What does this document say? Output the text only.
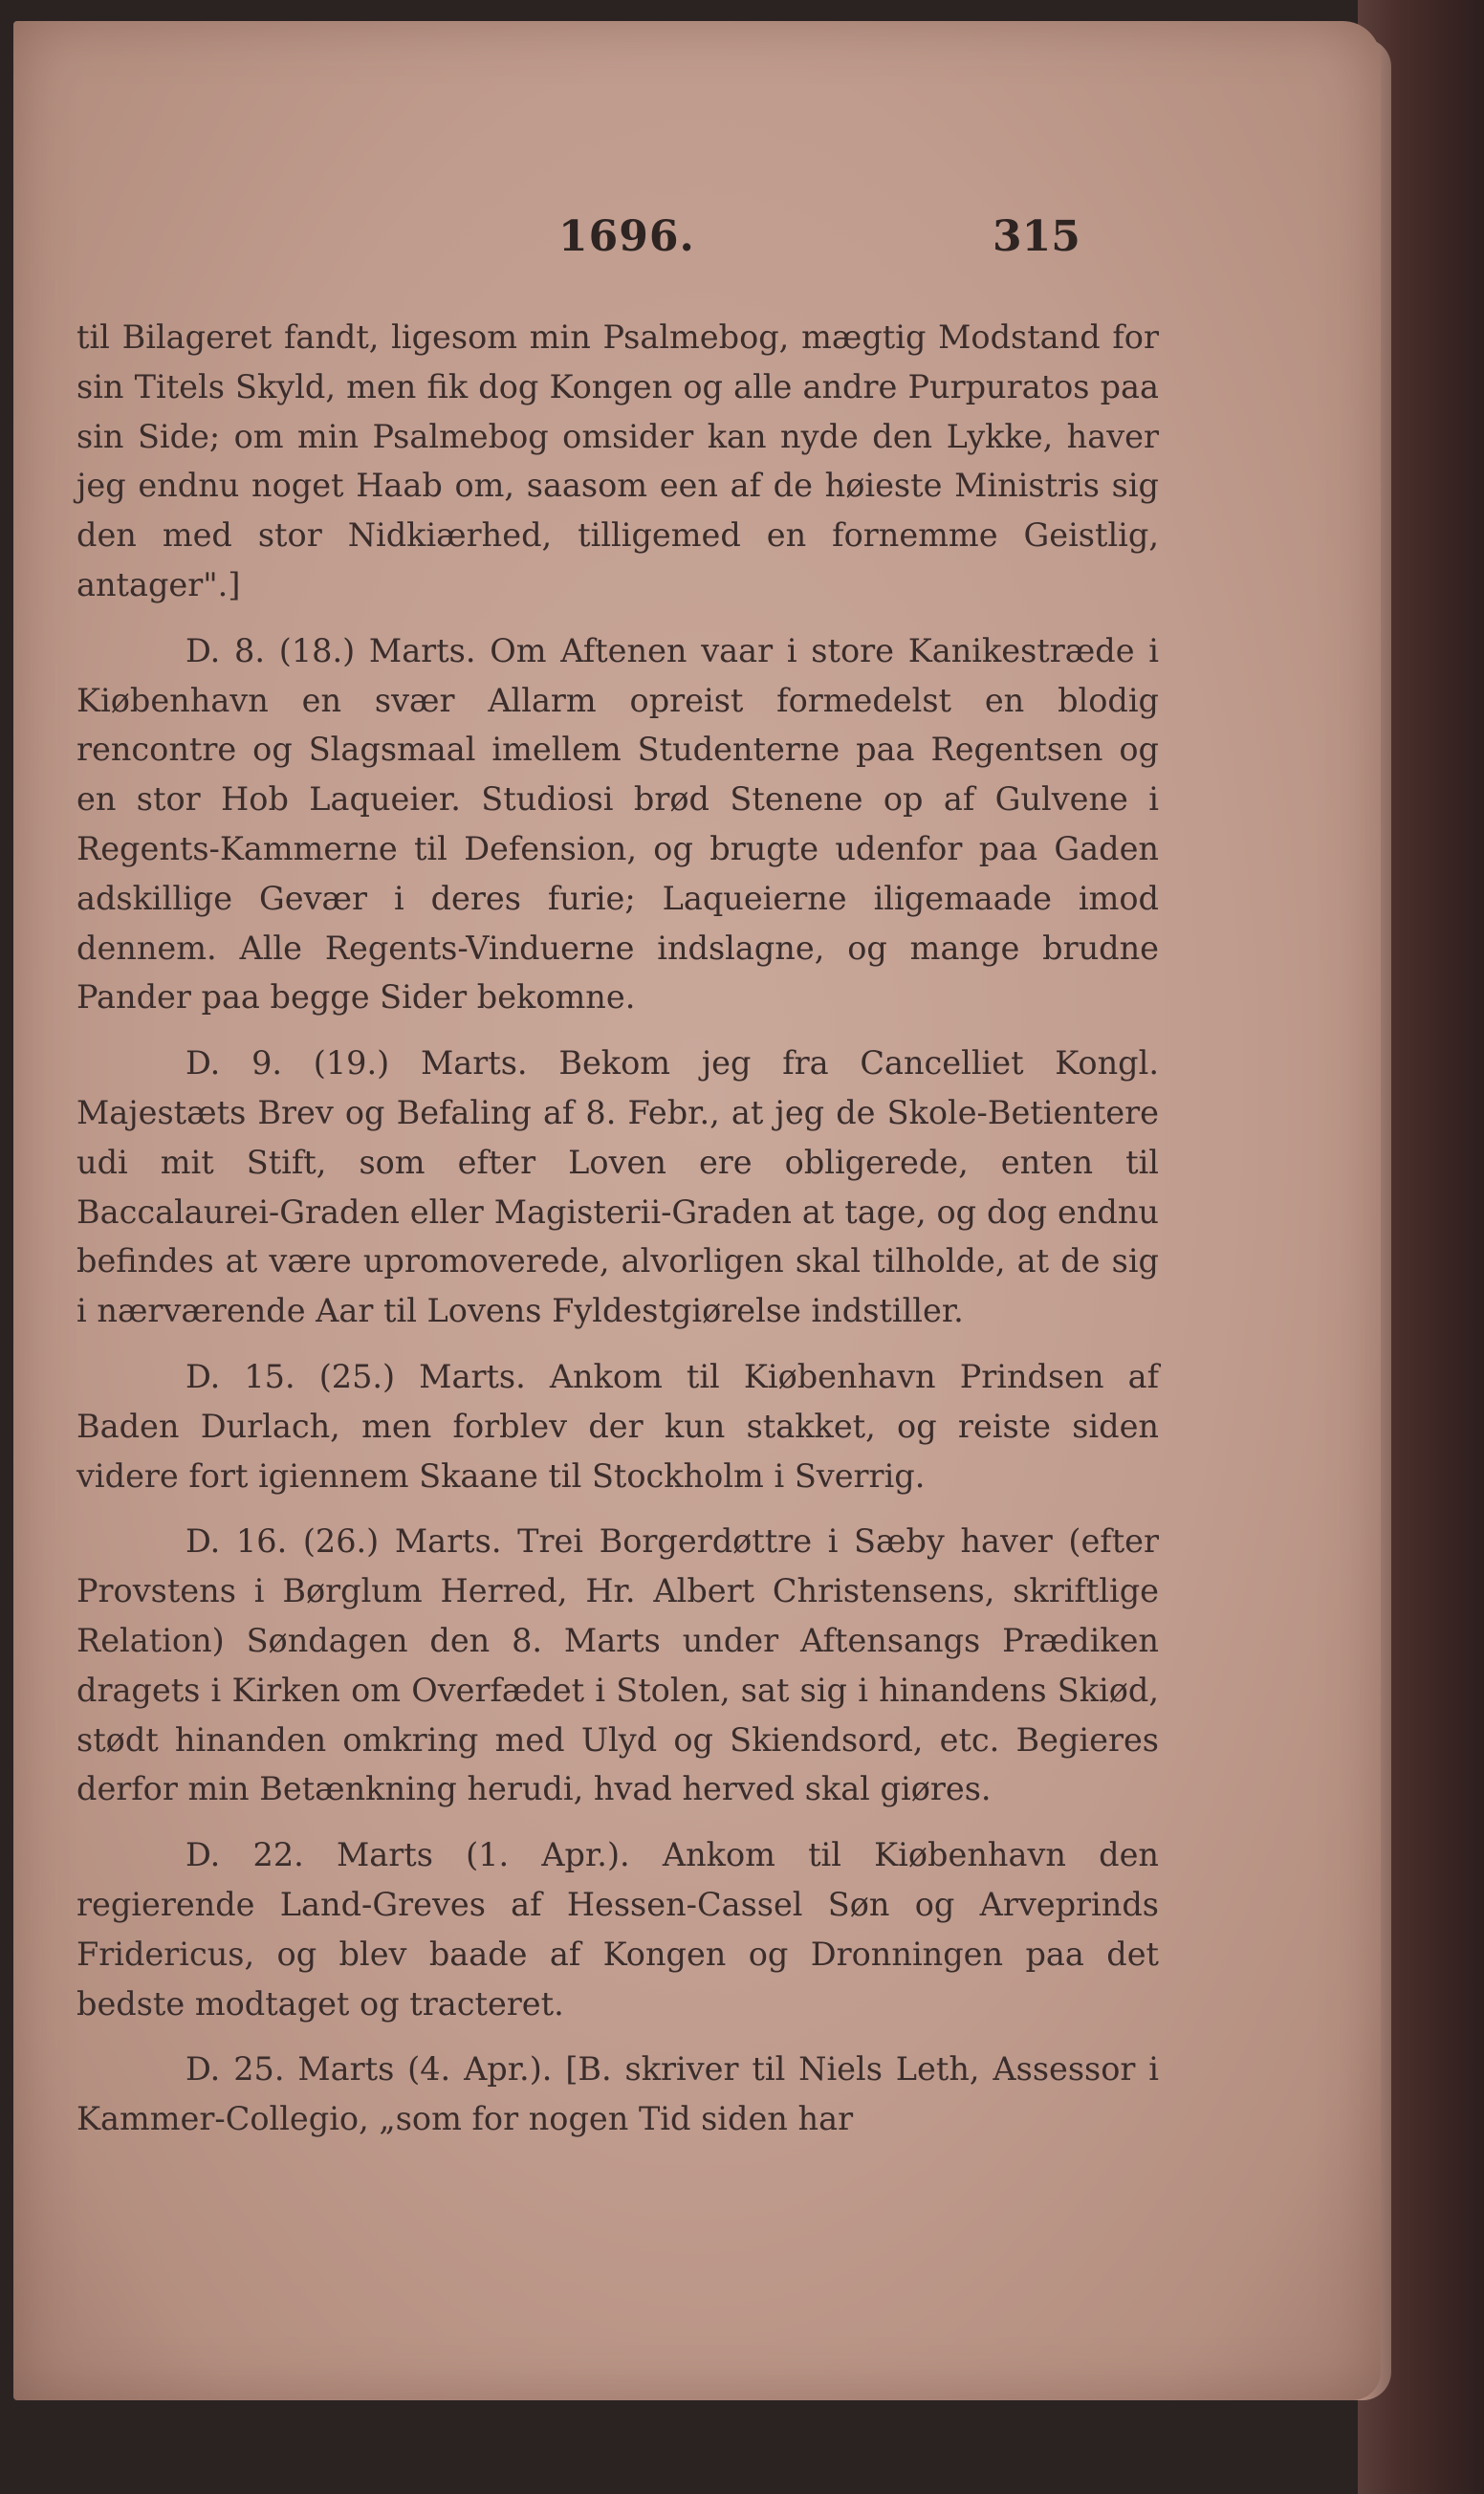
1696.	315

til Bilageret fandt, ligesom min Psalmebog, mægtig Modstand for sin Titels Skyld, men fik dog Kongen og alle andre Purpuratos paa sin Side; om min Psalmebog omsider kan nyde den Lykke, haver jeg endnu noget Haab om, saasom een af de høieste Ministris sig den med stor Nidkiærhed, tilligemed en fornemme Geistlig, antager".]

D. 8. (18.) Marts. Om Aftenen vaar i store Kanikestræde i Kiøbenhavn en svær Allarm opreist formedelst en blodig rencontre og Slagsmaal imellem Studenterne paa Regentsen og en stor Hob Laqueier. Studiosi brød Stenene op af Gulvene i Regents-Kammerne til Defension, og brugte udenfor paa Gaden adskillige Gevær i deres furie; Laqueierne iligemaade imod dennem. Alle Regents-Vinduerne indslagne, og mange brudne Pander paa begge Sider bekomne.

D. 9. (19.) Marts. Bekom jeg fra Cancelliet Kongl. Majestæts Brev og Befaling af 8. Febr., at jeg de Skole-Betientere udi mit Stift, som efter Loven ere obligerede, enten til Baccalaurei-Graden eller Magisterii-Graden at tage, og dog endnu befindes at være upromoverede, alvorligen skal tilholde, at de sig i nærværende Aar til Lovens Fyldestgiørelse indstiller.

D. 15. (25.) Marts. Ankom til Kiøbenhavn Prindsen af Baden Durlach, men forblev der kun stakket, og reiste siden videre fort igiennem Skaane til Stockholm i Sverrig.

D. 16. (26.) Marts. Trei Borgerdøttre i Sæby haver (efter Provstens i Børglum Herred, Hr. Albert Christensens, skriftlige Relation) Søndagen den 8. Marts under Aftensangs Prædiken dragets i Kirken om Overfædet i Stolen, sat sig i hinandens Skiød, stødt hinanden omkring med Ulyd og Skiendsord, etc. Begieres derfor min Betænkning herudi, hvad herved skal giøres.

D. 22. Marts (1. Apr.). Ankom til Kiøbenhavn den regierende Land-Greves af Hessen-Cassel Søn og Arveprinds Fridericus, og blev baade af Kongen og Dronningen paa det bedste modtaget og tracteret.

D. 25. Marts (4. Apr.). [B. skriver til Niels Leth, Assessor i Kammer-Collegio, „som for nogen Tid siden har
